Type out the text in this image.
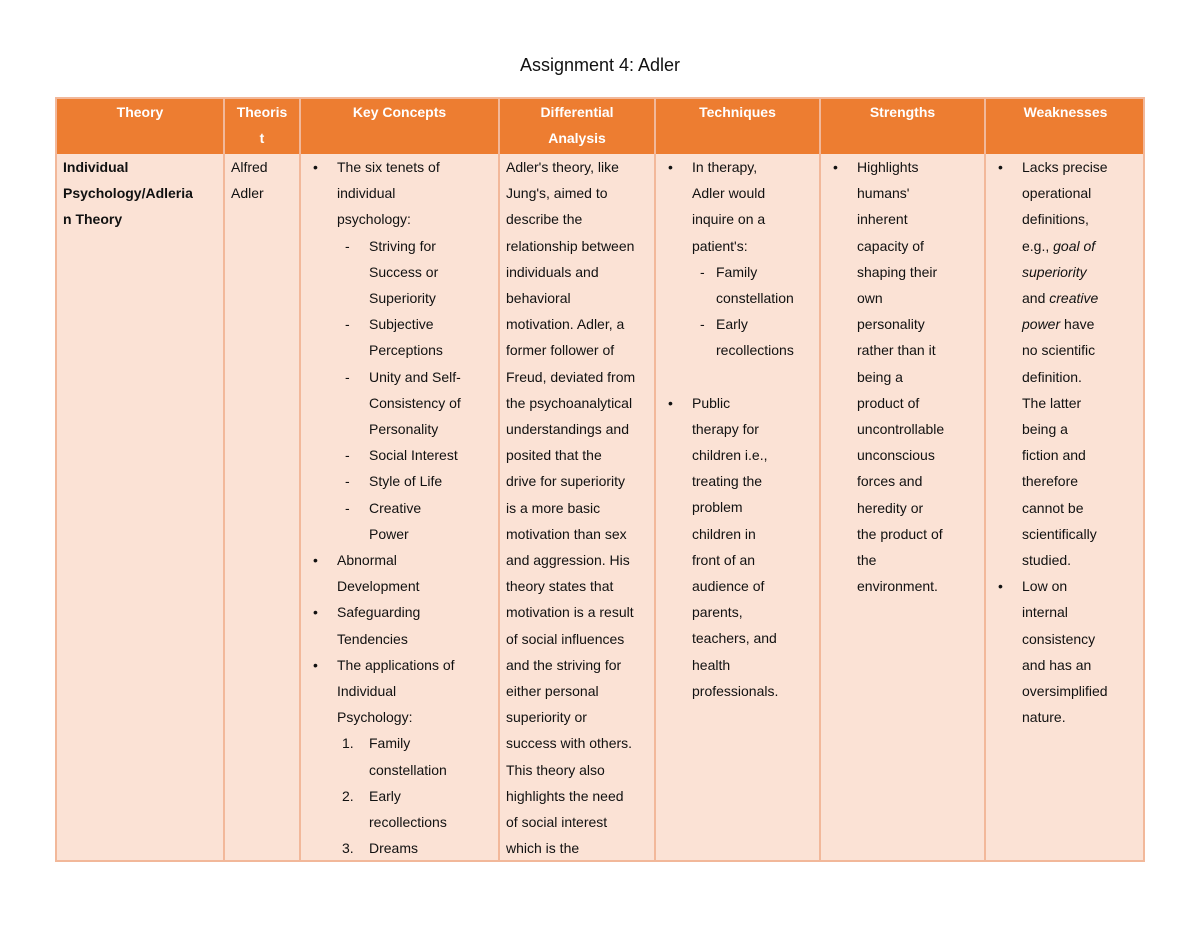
Assignment 4: Adler
Theory
Individual
Psychology/Adleria
n Theory
Theoris
t
Alfred
Adler
Key Concepts
• The six tenets of
individual
psychology:
- Striving for
Success or
Superiority
- Subjective
Perceptions
- Unity and Self-
Consistency of
Personality
- Social Interest
- Style of Life
- Creative
Power
• Abnormal
Development
• Safeguarding
Tendencies
• The applications of
Individual
Psychology:
1. Family
constellation
2. Early
recollections
3. Dreams
Differential
Analysis
Adler's theory, like
Jung's, aimed to
describe the
relationship between
individuals and
behavioral
motivation. Adler, a
former follower of
Freud, deviated from
the psychoanalytical
understandings and
posited that the
drive for superiority
is a more basic
motivation than sex
and aggression. His
theory states that
motivation is a result
of social influences
and the striving for
either personal
superiority or
success with others.
This theory also
highlights the need
of social interest
which is the
Techniques
• In therapy,
Adler would
inquire on a
patient's:
- Family
constellation
- Early
recollections
• Public
therapy for
children i.e.,
treating the
problem
children in
front of an
audience of
parents,
teachers, and
health
professionals.
Strengths
• Highlights
humans'
inherent
capacity of
shaping their
own
personality
rather than it
being a
product of
uncontrollable
unconscious
forces and
heredity or
the product of
the
environment.
Weaknesses
• Lacks precise
operational
definitions,
e.g., goal of
superiority
and creative
power have
no scientific
definition.
The latter
being a
fiction and
therefore
cannot be
scientifically
studied.
• Low on
internal
consistency
and has an
oversimplified
nature.
